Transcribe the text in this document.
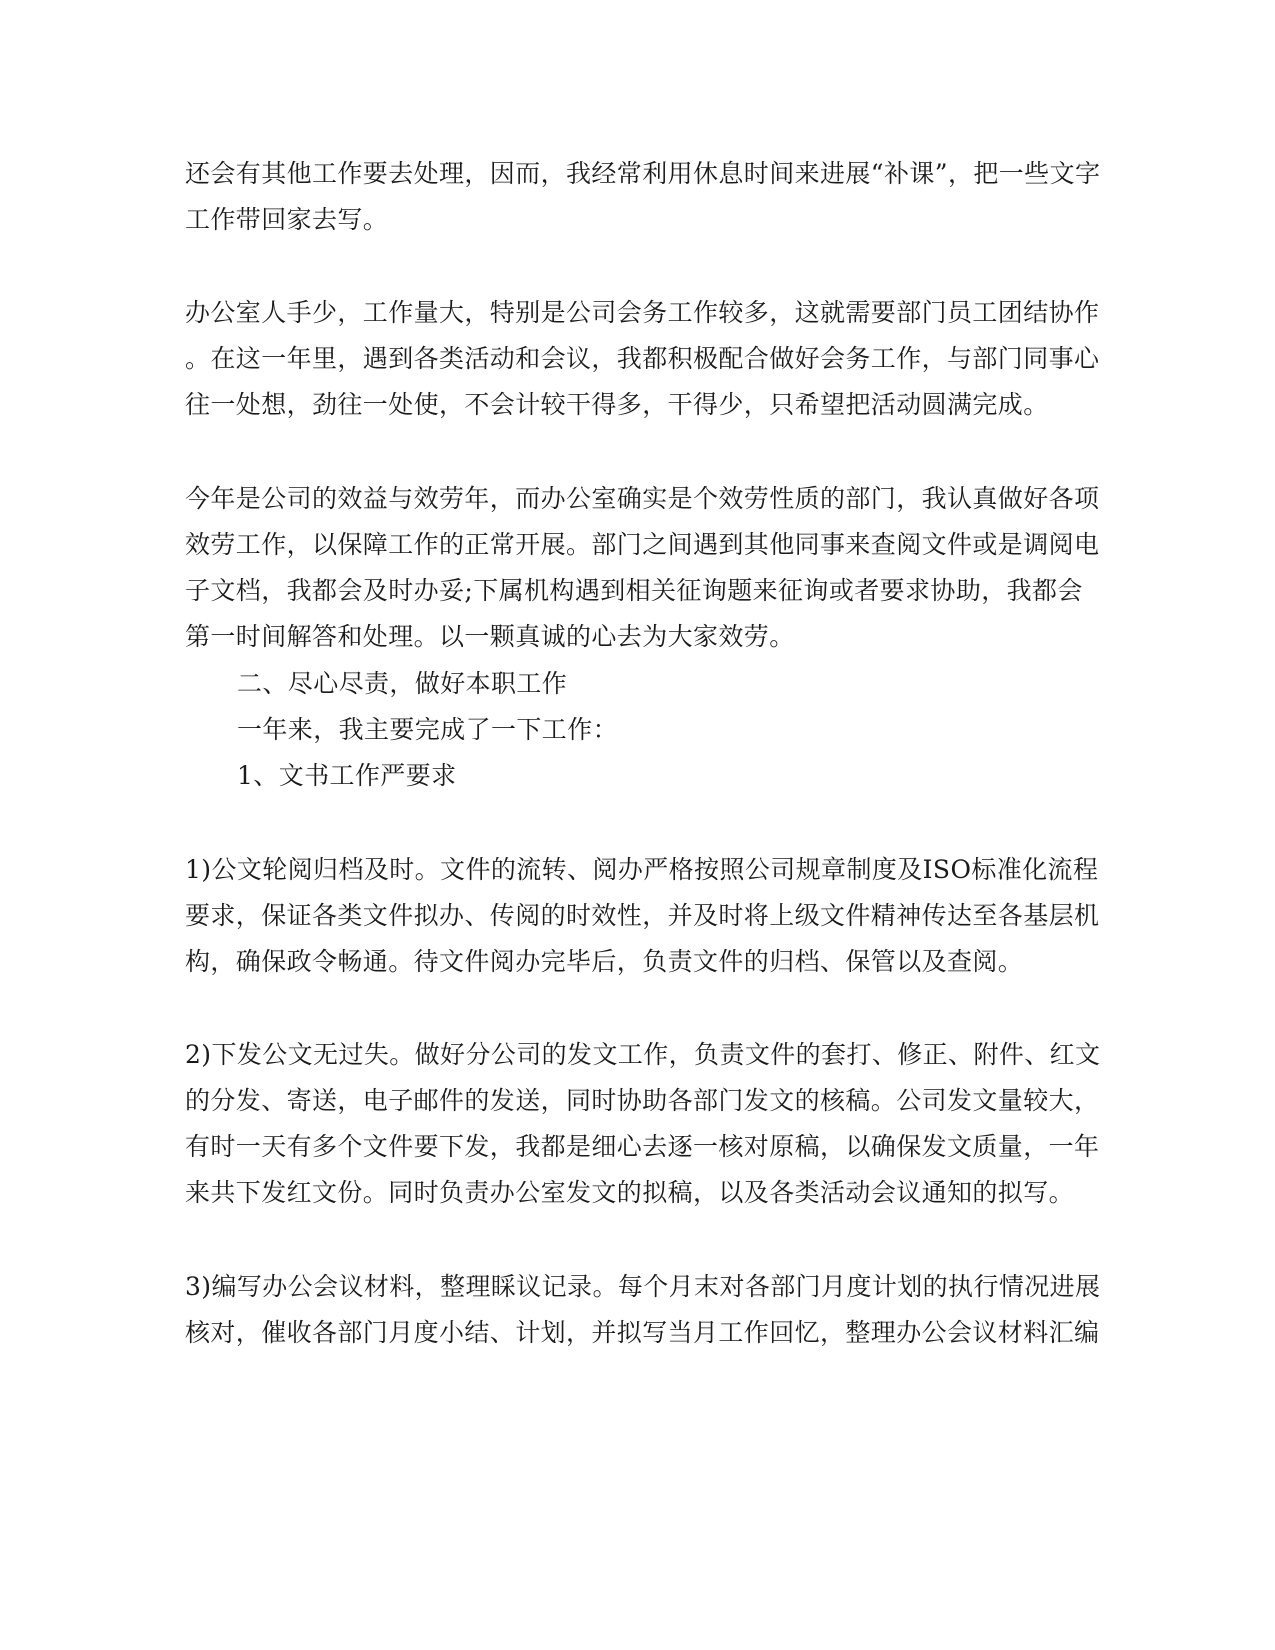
还会有其他工作要去处理，因而，我经常利用休息时间来进展“补课”，把一些文字
工作带回家去写。
办公室人手少，工作量大，特别是公司会务工作较多，这就需要部门员工团结协作
。在这一年里，遇到各类活动和会议，我都积极配合做好会务工作，与部门同事心
往一处想，劲往一处使，不会计较干得多，干得少，只希望把活动圆满完成。
今年是公司的效益与效劳年，而办公室确实是个效劳性质的部门，我认真做好各项
效劳工作，以保障工作的正常开展。部门之间遇到其他同事来查阅文件或是调阅电
子文档，我都会及时办妥;下属机构遇到相关征询题来征询或者要求协助，我都会
第一时间解答和处理。以一颗真诚的心去为大家效劳。
二、尽心尽责，做好本职工作
一年来，我主要完成了一下工作：
1、文书工作严要求
1)公文轮阅归档及时。文件的流转、阅办严格按照公司规章制度及ISO标准化流程
要求，保证各类文件拟办、传阅的时效性，并及时将上级文件精神传达至各基层机
构，确保政令畅通。待文件阅办完毕后，负责文件的归档、保管以及查阅。
2)下发公文无过失。做好分公司的发文工作，负责文件的套打、修正、附件、红文
的分发、寄送，电子邮件的发送，同时协助各部门发文的核稿。公司发文量较大，
有时一天有多个文件要下发，我都是细心去逐一核对原稿，以确保发文质量，一年
来共下发红文份。同时负责办公室发文的拟稿，以及各类活动会议通知的拟写。
3)编写办公会议材料，整理睬议记录。每个月末对各部门月度计划的执行情况进展
核对，催收各部门月度小结、计划，并拟写当月工作回忆，整理办公会议材料汇编
